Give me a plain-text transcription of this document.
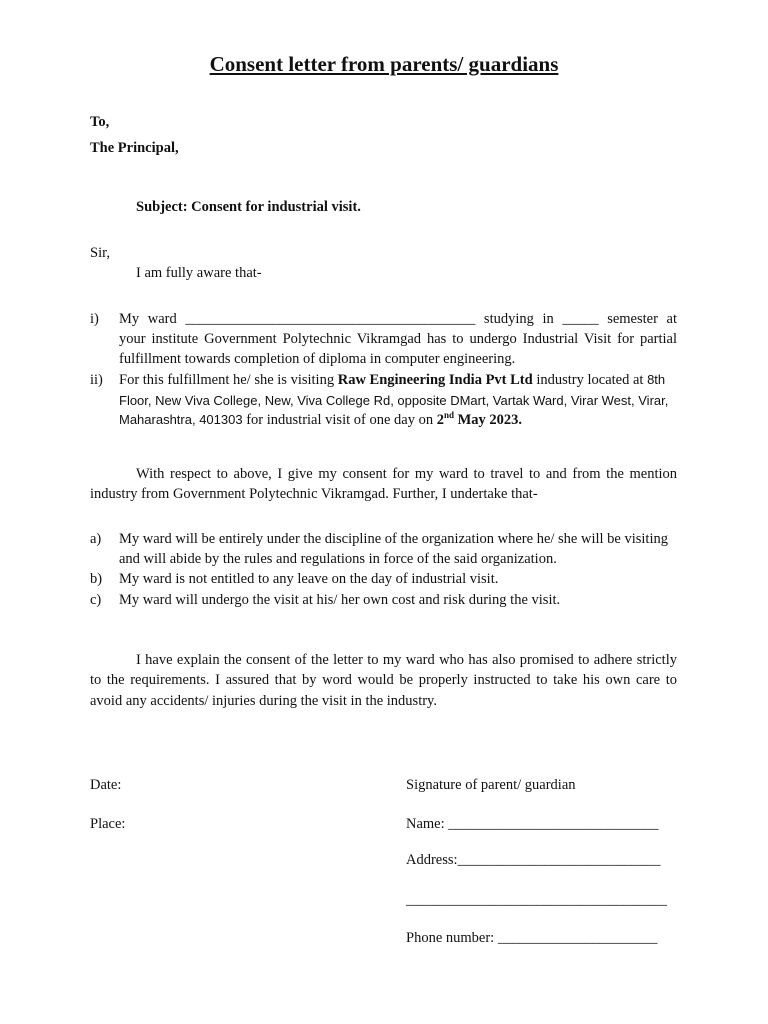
Consent letter from parents/ guardians
To,
The Principal,
Subject: Consent for industrial visit.
Sir,
I am fully aware that-
i) My ward ________________________________________ studying in _____ semester at
your institute Government Polytechnic Vikramgad has to undergo Industrial Visit for partial
fulfillment towards completion of diploma in computer engineering.
ii) For this fulfillment he/ she is visiting Raw Engineering India Pvt Ltd industry located at 8th
Floor, New Viva College, New, Viva College Rd, opposite DMart, Vartak Ward, Virar West, Virar,
Maharashtra, 401303 for industrial visit of one day on 2nd May 2023.
With respect to above, I give my consent for my ward to travel to and from the mention
industry from Government Polytechnic Vikramgad. Further, I undertake that-
a) My ward will be entirely under the discipline of the organization where he/ she will be visiting
and will abide by the rules and regulations in force of the said organization.
b) My ward is not entitled to any leave on the day of industrial visit.
c) My ward will undergo the visit at his/ her own cost and risk during the visit.
I have explain the consent of the letter to my ward who has also promised to adhere strictly
to the requirements. I assured that by word would be properly instructed to take his own care to
avoid any accidents/ injuries during the visit in the industry.
Date:
Place:
Signature of parent/ guardian
Name: _____________________________
Address:____________________________
____________________________________
Phone number: ______________________
